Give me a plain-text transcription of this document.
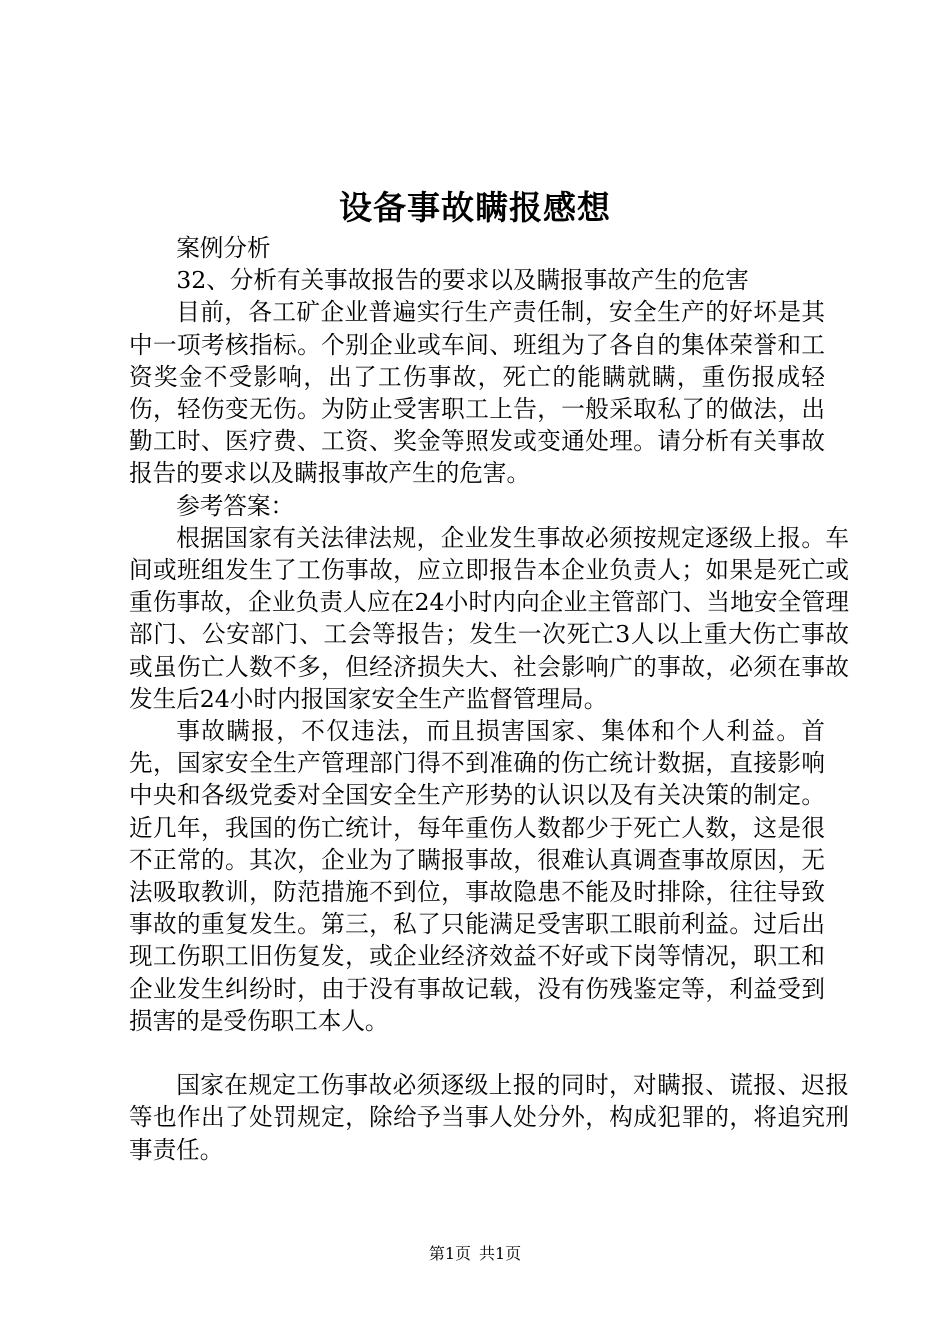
设备事故瞒报感想

案例分析

32、分析有关事故报告的要求以及瞒报事故产生的危害

目前，各工矿企业普遍实行生产责任制，安全生产的好坏是其中一项考核指标。个别企业或车间、班组为了各自的集体荣誉和工资奖金不受影响，出了工伤事故，死亡的能瞒就瞒，重伤报成轻伤，轻伤变无伤。为防止受害职工上告，一般采取私了的做法，出勤工时、医疗费、工资、奖金等照发或变通处理。请分析有关事故报告的要求以及瞒报事故产生的危害。

参考答案：

根据国家有关法律法规，企业发生事故必须按规定逐级上报。车间或班组发生了工伤事故，应立即报告本企业负责人；如果是死亡或重伤事故，企业负责人应在24小时内向企业主管部门、当地安全管理部门、公安部门、工会等报告；发生一次死亡3人以上重大伤亡事故或虽伤亡人数不多，但经济损失大、社会影响广的事故，必须在事故发生后24小时内报国家安全生产监督管理局。

事故瞒报，不仅违法，而且损害国家、集体和个人利益。首先，国家安全生产管理部门得不到准确的伤亡统计数据，直接影响中央和各级党委对全国安全生产形势的认识以及有关决策的制定。近几年，我国的伤亡统计，每年重伤人数都少于死亡人数，这是很不正常的。其次，企业为了瞒报事故，很难认真调查事故原因，无法吸取教训，防范措施不到位，事故隐患不能及时排除，往往导致事故的重复发生。第三，私了只能满足受害职工眼前利益。过后出现工伤职工旧伤复发，或企业经济效益不好或下岗等情况，职工和企业发生纠纷时，由于没有事故记载，没有伤残鉴定等，利益受到损害的是受伤职工本人。

国家在规定工伤事故必须逐级上报的同时，对瞒报、谎报、迟报等也作出了处罚规定，除给予当事人处分外，构成犯罪的，将追究刑事责任。

第1页 共1页
